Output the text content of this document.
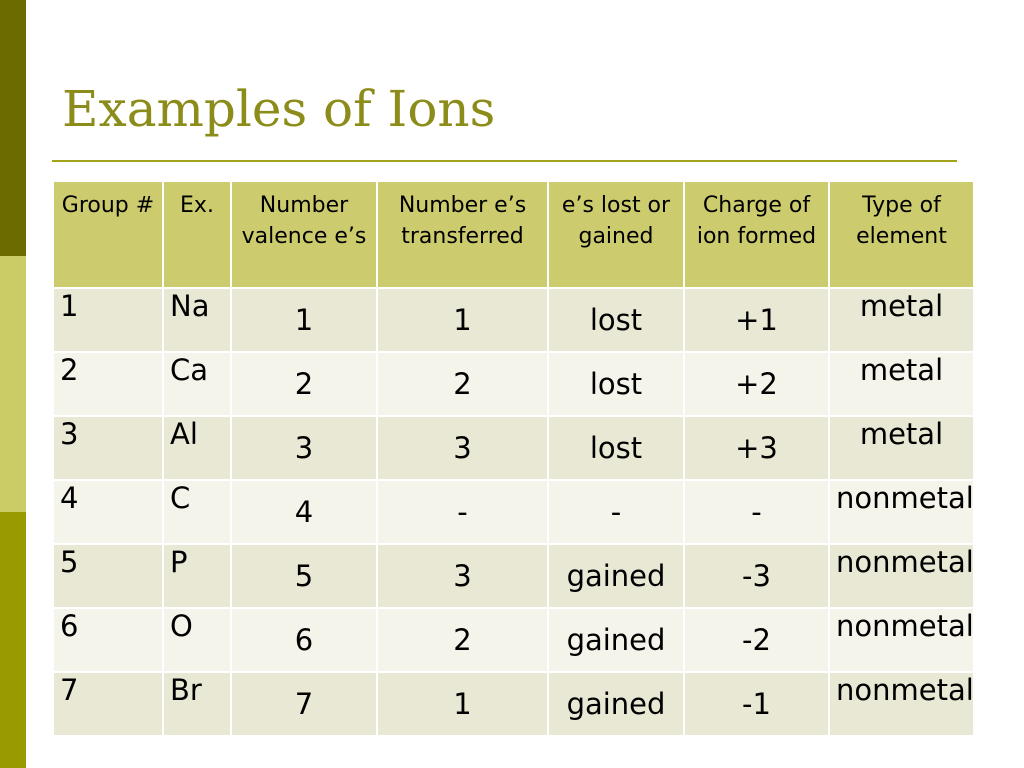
Examples of Ions
Group #	Ex.	Number valence e’s	Number e’s transferred	e’s lost or gained	Charge of ion formed	Type of element
1	Na	1	1	lost	+1	metal
2	Ca	2	2	lost	+2	metal
3	Al	3	3	lost	+3	metal
4	C	4	-	-	-	nonmetal
5	P	5	3	gained	-3	nonmetal
6	O	6	2	gained	-2	nonmetal
7	Br	7	1	gained	-1	nonmetal
